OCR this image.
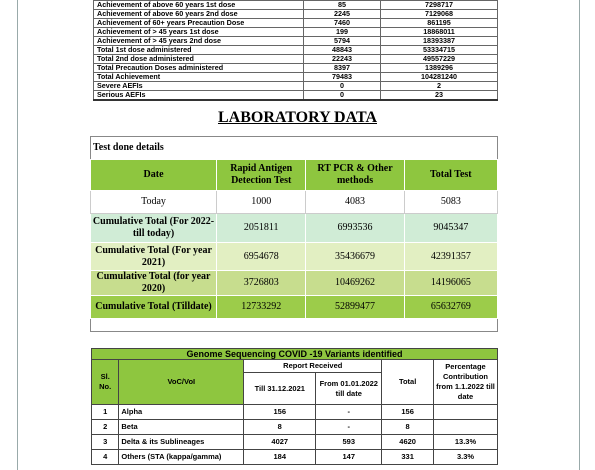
Achievement of above 60 years 1st dose	85	7298717
Achievement of above 60 years 2nd dose	2245	7129068
Achievement of 60+ years Precaution Dose	7460	861195
Achievement of > 45 years 1st dose	199	18868011
Achievement of > 45 years 2nd dose	5794	18393387
Total 1st dose administered	48843	53334715
Total 2nd dose administered	22243	49557229
Total Precaution Doses administered	8397	1389296
Total Achievement	79483	104281240
Severe AEFIs	0	2
Serious AEFIs	0	23
LABORATORY DATA
Test done details
Date	Rapid Antigen Detection Test	RT PCR & Other methods	Total Test
Today	1000	4083	5083
Cumulative Total (For 2022- till today)	2051811	6993536	9045347
Cumulative Total (For year 2021)	6954678	35436679	42391357
Cumulative Total (for year 2020)	3726803	10469262	14196065
Cumulative Total (Tilldate)	12733292	52899477	65632769
Genome Sequencing COVID -19 Variants identified					
Sl. No.	VoC/VoI	Report Received		Total	Percentage Contribution from 1.1.2022 till date
		Till 31.12.2021	From 01.01.2022 till date		
1	Alpha	156	-	156	
2	Beta	8	-	8	
3	Delta & its Sublineages	4027	593	4620	13.3%
4	Others (STA (kappa/gamma)	184	147	331	3.3%
